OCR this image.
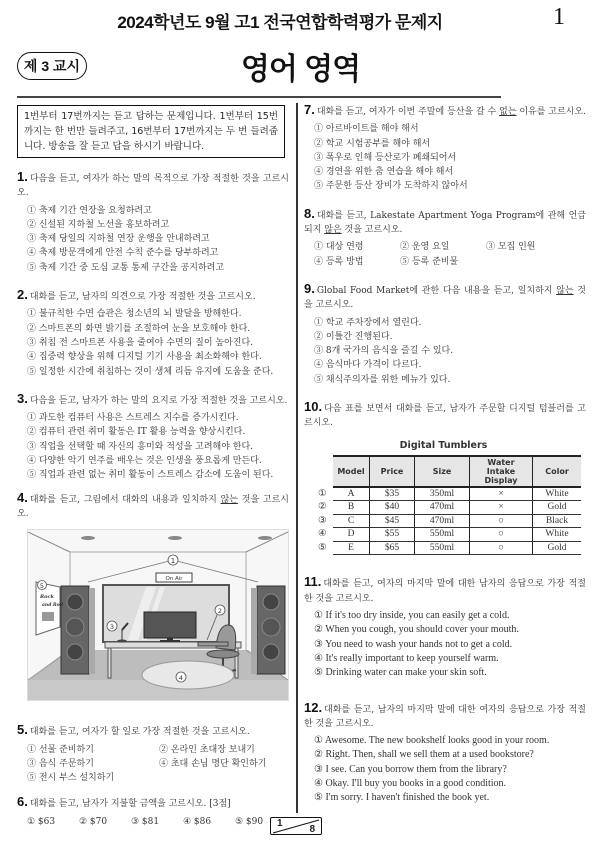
2024학년도 9월 고1 전국연합학력평가 문제지	1
제 3 교시	영어 영역
1번부터 17번까지는 듣고 답하는 문제입니다. 1번부터 15번까지는 한 번만 들려주고, 16번부터 17번까지는 두 번 들려줍니다. 방송을 잘 듣고 답을 하시기 바랍니다.
1. 다음을 듣고, 여자가 하는 말의 목적으로 가장 적절한 것을 고르시오.
① 축제 기간 연장을 요청하려고
② 신설된 지하철 노선을 홍보하려고
③ 축제 당일의 지하철 연장 운행을 안내하려고
④ 축제 방문객에게 안전 수칙 준수를 당부하려고
⑤ 축제 기간 중 도심 교통 통제 구간을 공지하려고
2. 대화를 듣고, 남자의 의견으로 가장 적절한 것을 고르시오.
① 불규칙한 수면 습관은 청소년의 뇌 발달을 방해한다.
② 스마트폰의 화면 밝기를 조절하여 눈을 보호해야 한다.
③ 취침 전 스마트폰 사용을 줄여야 수면의 질이 높아진다.
④ 집중력 향상을 위해 디지털 기기 사용을 최소화해야 한다.
⑤ 일정한 시간에 취침하는 것이 생체 리듬 유지에 도움을 준다.
3. 다음을 듣고, 남자가 하는 말의 요지로 가장 적절한 것을 고르시오.
① 과도한 컴퓨터 사용은 스트레스 지수를 증가시킨다.
② 컴퓨터 관련 취미 활동은 IT 활용 능력을 향상시킨다.
③ 직업을 선택할 때 자신의 흥미와 적성을 고려해야 한다.
④ 다양한 악기 연주를 배우는 것은 인생을 풍요롭게 만든다.
⑤ 직업과 관련 없는 취미 활동이 스트레스 감소에 도움이 된다.
4. 대화를 듣고, 그림에서 대화의 내용과 일치하지 않는 것을 고르시오.
1
On Air
Rock
and Roll
5
3
2
4
5. 대화를 듣고, 여자가 할 일로 가장 적절한 것을 고르시오.
① 선물 준비하기	② 온라인 초대장 보내기
③ 음식 주문하기	④ 초대 손님 명단 확인하기
⑤ 전시 부스 설치하기
6. 대화를 듣고, 남자가 지불할 금액을 고르시오. [3점]
① $63	② $70	③ $81	④ $86	⑤ $90
7. 대화를 듣고, 여자가 이번 주말에 등산을 갈 수 없는 이유를 고르시오.
① 아르바이트를 해야 해서
② 학교 시험공부를 해야 해서
③ 폭우로 인해 등산로가 폐쇄되어서
④ 경연을 위한 춤 연습을 해야 해서
⑤ 주문한 등산 장비가 도착하지 않아서
8. 대화를 듣고, Lakestate Apartment Yoga Program에 관해 언급되지 않은 것을 고르시오.
① 대상 연령	② 운영 요일	③ 모집 인원
④ 등록 방법	⑤ 등록 준비물
9. Global Food Market에 관한 다음 내용을 듣고, 일치하지 않는 것을 고르시오.
① 학교 주차장에서 열린다.
② 이틀간 진행된다.
③ 8개 국가의 음식을 즐길 수 있다.
④ 음식마다 가격이 다르다.
⑤ 채식주의자를 위한 메뉴가 있다.
10. 다음 표를 보면서 대화를 듣고, 남자가 주문할 디지털 텀블러를 고르시오.
Digital Tumblers
	Model	Price	Size	Water Intake Display	Color
①	A	$35	350ml	×	White
②	B	$40	470ml	×	Gold
③	C	$45	470ml	○	Black
④	D	$55	550ml	○	White
⑤	E	$65	550ml	○	Gold
11. 대화를 듣고, 여자의 마지막 말에 대한 남자의 응답으로 가장 적절한 것을 고르시오.
① If it's too dry inside, you can easily get a cold.
② When you cough, you should cover your mouth.
③ You need to wash your hands not to get a cold.
④ It's really important to keep yourself warm.
⑤ Drinking water can make your skin soft.
12. 대화를 듣고, 남자의 마지막 말에 대한 여자의 응답으로 가장 적절한 것을 고르시오.
① Awesome. The new bookshelf looks good in your room.
② Right. Then, shall we sell them at a used bookstore?
③ I see. Can you borrow them from the library?
④ Okay. I'll buy you books in a good condition.
⑤ I'm sorry. I haven't finished the book yet.
1
8
